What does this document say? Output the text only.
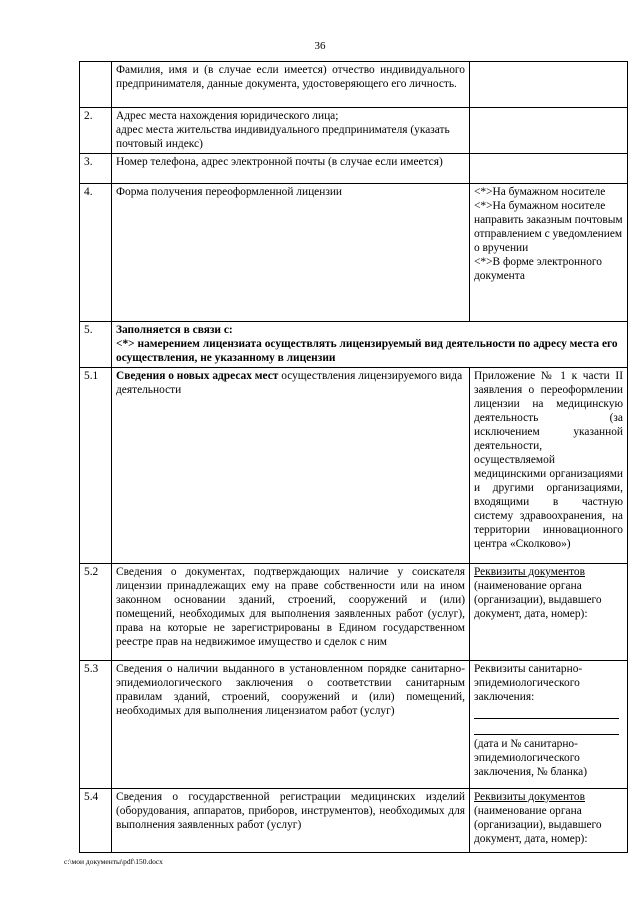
36
	Фамилия, имя и (в случае если имеется) отчество индивидуального предпринимателя, данные документа, удостоверяющего его личность.	
2.	Адрес места нахождения юридического лица;
адрес места жительства индивидуального предпринимателя (указать почтовый индекс)	

3.	Номер телефона, адрес электронной почты (в случае если имеется)	
4.	Форма получения переоформленной лицензии	<*>На бумажном носителе
<*>На бумажном носителе направить заказным почтовым отправлением с уведомлением о вручении
<*>В форме электронного документа

5.	Заполняется в связи с:
<*> намерением лицензиата осуществлять лицензируемый вид деятельности по адресу места его осуществления, не указанному в лицензии	

5.1	Сведения о новых адресах мест осуществления лицензируемого вида деятельности	Приложение № 1 к части II заявления о переоформлении лицензии на медицинскую деятельность (за исключением указанной деятельности, осуществляемой медицинскими организациями и другими организациями, входящими в частную систему здравоохранения, на территории инновационного центра «Сколково»)
5.2	Сведения о документах, подтверждающих наличие у соискателя лицензии принадлежащих ему на праве собственности или на ином законном основании зданий, строений, сооружений и (или) помещений, необходимых для выполнения заявленных работ (услуг), права на которые не зарегистрированы в Едином государственном реестре прав на недвижимое имущество и сделок с ним	Реквизиты документов
(наименование органа (организации), выдавшего документ, дата, номер):

5.3	Сведения о наличии выданного в установленном порядке санитарно-эпидемиологического заключения о соответствии санитарным правилам зданий, строений, сооружений и (или) помещений, необходимых для выполнения лицензиатом работ (услуг)	Реквизиты санитарно-эпидемиологического заключения:
(дата и № санитарно-эпидемиологического заключения, № бланка)

5.4	Сведения о государственной регистрации медицинских изделий (оборудования, аппаратов, приборов, инструментов), необходимых для выполнения заявленных работ (услуг)	Реквизиты документов
(наименование органа (организации), выдавшего документ, дата, номер):
c:\мои документы\pdf\150.docx
